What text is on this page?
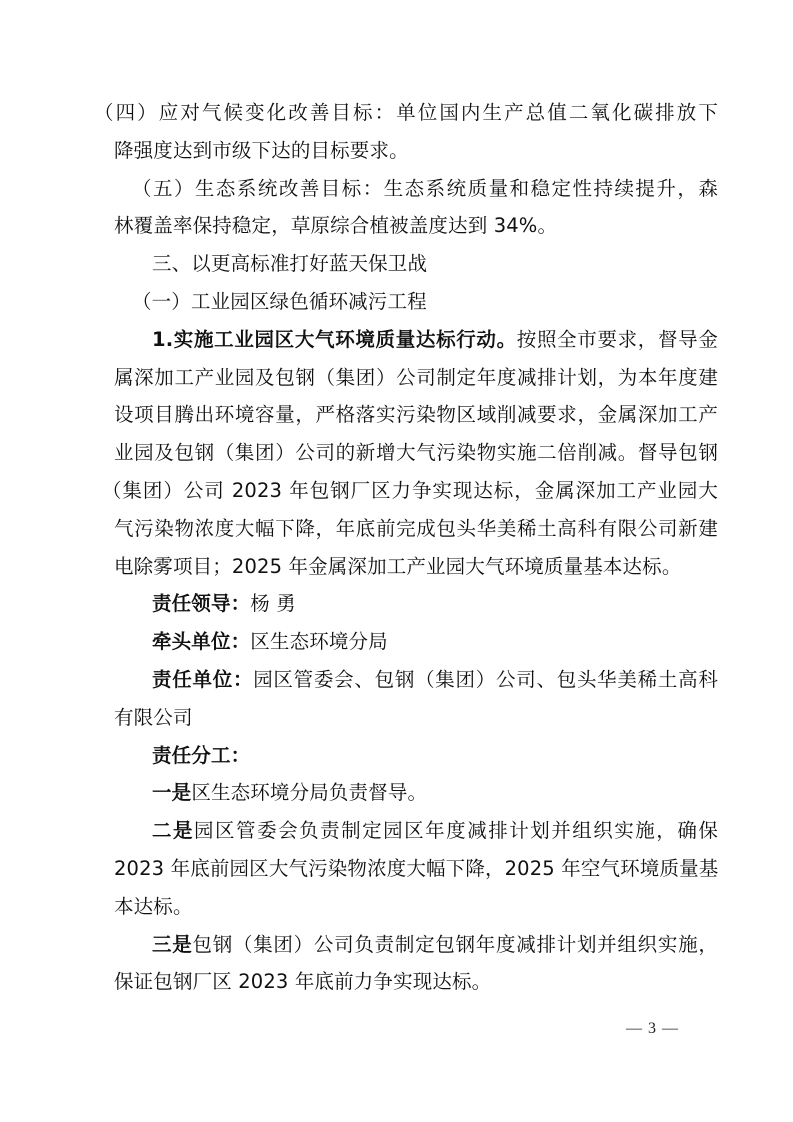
（四）应对气候变化改善目标：单位国内生产总值二氧化碳排放下
降强度达到市级下达的目标要求。
（五）生态系统改善目标：生态系统质量和稳定性持续提升，森
林覆盖率保持稳定，草原综合植被盖度达到 34%。
三、以更高标准打好蓝天保卫战
（一）工业园区绿色循环减污工程
1.实施工业园区大气环境质量达标行动。按照全市要求，督导金
属深加工产业园及包钢（集团）公司制定年度减排计划，为本年度建
设项目腾出环境容量，严格落实污染物区域削减要求，金属深加工产
业园及包钢（集团）公司的新增大气污染物实施二倍削减。督导包钢
（集团）公司 2023 年包钢厂区力争实现达标，金属深加工产业园大
气污染物浓度大幅下降，年底前完成包头华美稀土高科有限公司新建
电除雾项目；2025 年金属深加工产业园大气环境质量基本达标。
责任领导：杨 勇
牵头单位：区生态环境分局
责任单位：园区管委会、包钢（集团）公司、包头华美稀土高科
有限公司
责任分工：
一是区生态环境分局负责督导。
二是园区管委会负责制定园区年度减排计划并组织实施，确保
2023 年底前园区大气污染物浓度大幅下降，2025 年空气环境质量基
本达标。
三是包钢（集团）公司负责制定包钢年度减排计划并组织实施，
保证包钢厂区 2023 年底前力争实现达标。
— 3 —
